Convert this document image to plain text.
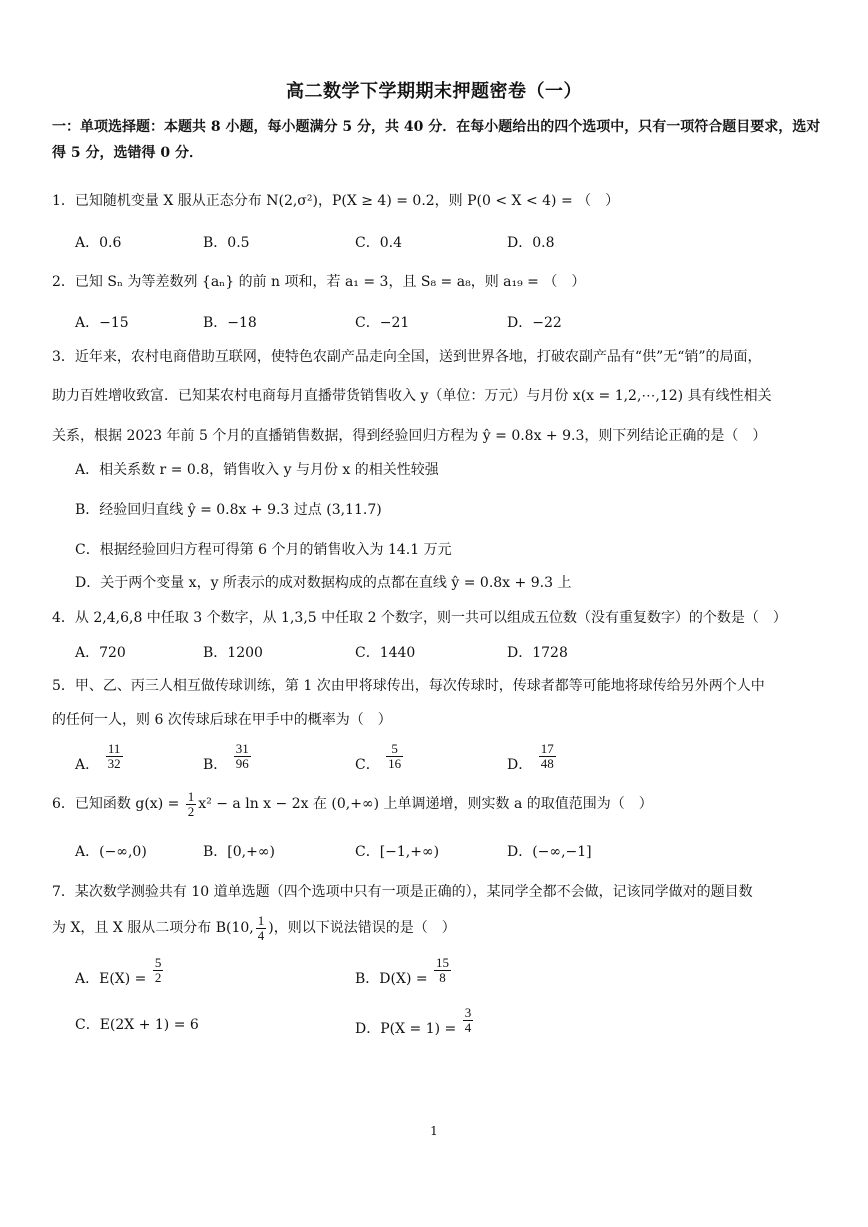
高二数学下学期期末押题密卷（一）
一：单项选择题：本题共 8 小题，每小题满分 5 分，共 40 分．在每小题给出的四个选项中，只有一项符合题目要求，选对得 5 分，选错得 0 分．
1．已知随机变量 X 服从正态分布 N(2,σ²)，P(X ≥ 4) = 0.2，则 P(0 < X < 4) = （　）
A．0.6	B．0.5	C．0.4	D．0.8
2．已知 Sₙ 为等差数列 {aₙ} 的前 n 项和，若 a₁ = 3，且 S₈ = a₈，则 a₁₉ = （　）
A．−15	B．−18	C．−21	D．−22
3．近年来，农村电商借助互联网，使特色农副产品走向全国，送到世界各地，打破农副产品有“供”无“销”的局面，
助力百姓增收致富．已知某农村电商每月直播带货销售收入 y（单位：万元）与月份 x(x = 1,2,⋯,12) 具有线性相关
关系，根据 2023 年前 5 个月的直播销售数据，得到经验回归方程为 ŷ = 0.8x + 9.3，则下列结论正确的是（　）
A．相关系数 r = 0.8，销售收入 y 与月份 x 的相关性较强
B．经验回归直线 ŷ = 0.8x + 9.3 过点 (3,11.7)
C．根据经验回归方程可得第 6 个月的销售收入为 14.1 万元
D．关于两个变量 x，y 所表示的成对数据构成的点都在直线 ŷ = 0.8x + 9.3 上
4．从 2,4,6,8 中任取 3 个数字，从 1,3,5 中任取 2 个数字，则一共可以组成五位数（没有重复数字）的个数是（　）
A．720	B．1200	C．1440	D．1728
5．甲、乙、丙三人相互做传球训练，第 1 次由甲将球传出，每次传球时，传球者都等可能地将球传给另外两个人中
的任何一人，则 6 次传球后球在甲手中的概率为（　）
A． $\frac{11}{32}$	B． $\frac{31}{96}$	C． $\frac{5}{16}$	D． $\frac{17}{48}$
6．已知函数 $g(x) = \frac{1}{2} x^2 - a$ ln x − 2x 在 (0,+∞) 上单调递增，则实数 a 的取值范围为（　）
A．(−∞,0)	B．[0,+∞)	C．[−1,+∞)	D．(−∞,−1]
7．某次数学测验共有 10 道单选题（四个选项中只有一项是正确的），某同学全都不会做，记该同学做对的题目数
为 X，且 X 服从二项分布 B(10, $\frac{1}{4}$ )，则以下说法错误的是（　）
A．$E(X) = \frac{5}{2}$	B．$D(X) = \frac{15}{8}$
C．E(2X + 1) = 6	D．$P(X = 1) = \frac{3}{4}$
1
